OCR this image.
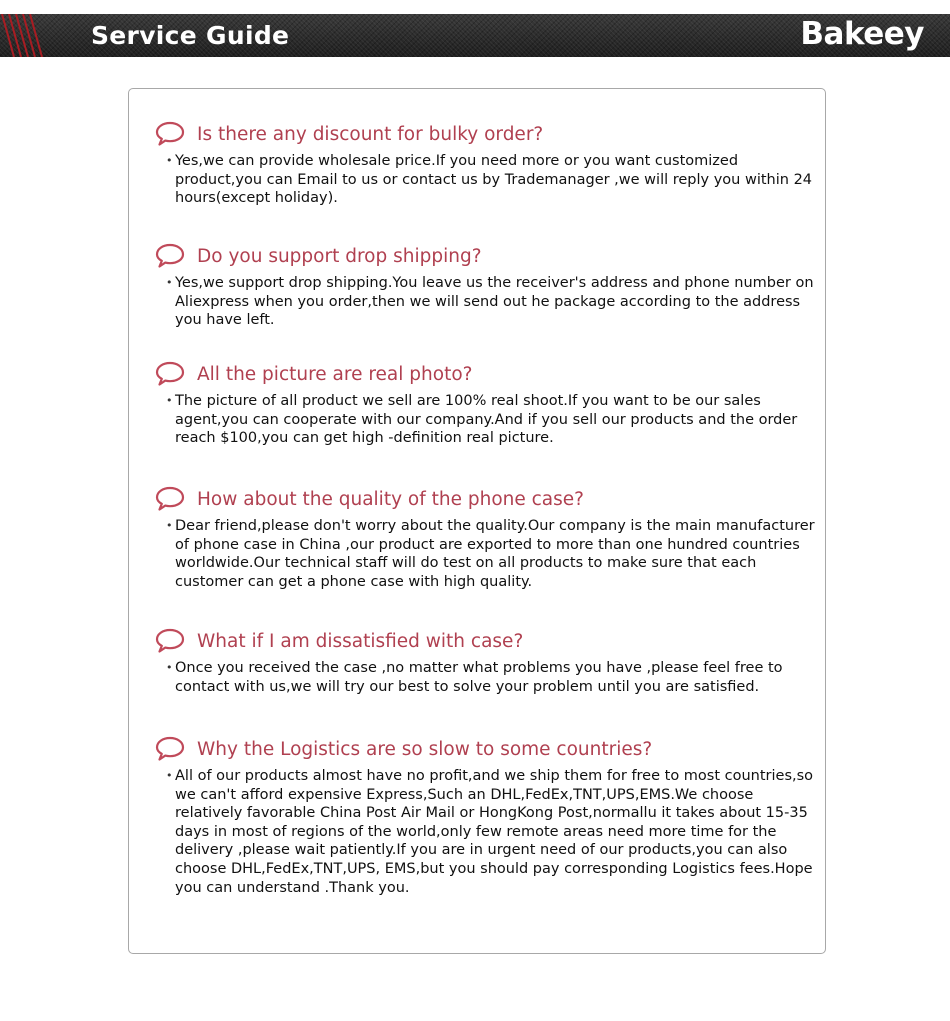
Service Guide	Bakeey
Is there any discount for bulky order?
• Yes,we can provide wholesale price.If you need more or you want customized product,you can Email to us or contact us by Trademanager ,we will reply you within 24 hours(except holiday).
Do you support drop shipping?
• Yes,we support drop shipping.You leave us the receiver's address and phone number on Aliexpress when you order,then we will send out he package according to the address you have left.
All the picture are real photo?
• The picture of all product we sell are 100% real shoot.If you want to be our sales agent,you can cooperate with our company.And if you sell our products and the order reach $100,you can get high -definition real picture.
How about the quality of the phone case?
• Dear friend,please don't worry about the quality.Our company is the main manufacturer of phone case in China ,our product are exported to more than one hundred countries worldwide.Our technical staff will do test on all products to make sure that each customer can get a phone case with high quality.
What if I am dissatisfied with case?
• Once you received the case ,no matter what problems you have ,please feel free to contact with us,we will try our best to solve your problem until you are satisfied.
Why the Logistics are so slow to some countries?
• All of our products almost have no profit,and we ship them for free to most countries,so we can't afford expensive Express,Such an DHL,FedEx,TNT,UPS,EMS.We choose relatively favorable China Post Air Mail or HongKong Post,normallu it takes about 15-35 days in most of regions of the world,only few remote areas need more time for the delivery ,please wait patiently.If you are in urgent need of our products,you can also choose DHL,FedEx,TNT,UPS, EMS,but you should pay corresponding Logistics fees.Hope you can understand .Thank you.
